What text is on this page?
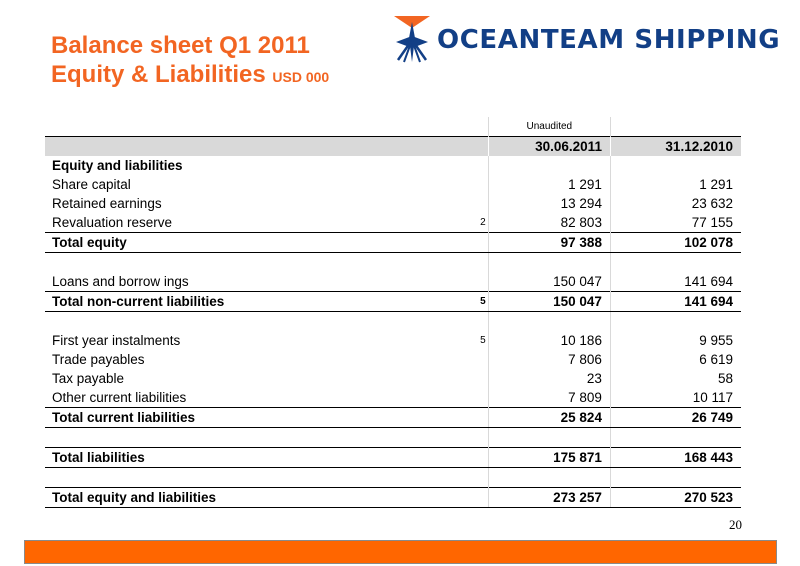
Balance sheet Q1 2011
Equity & Liabilities USD 000
OCEANTEAM SHIPPING
		Unaudited	
		30.06.2011	31.12.2010
Equity and liabilities			
Share capital		1 291	1 291
Retained earnings		13 294	23 632
Revaluation reserve	2	82 803	77 155
Total equity		97 388	102 078

Loans and borrow ings		150 047	141 694
Total non-current liabilities	5	150 047	141 694

First year instalments	5	10 186	9 955
Trade payables		7 806	6 619
Tax payable		23	58
Other current liabilities		7 809	10 117
Total current liabilities		25 824	26 749

Total liabilities		175 871	168 443

Total equity and liabilities		273 257	270 523
20
